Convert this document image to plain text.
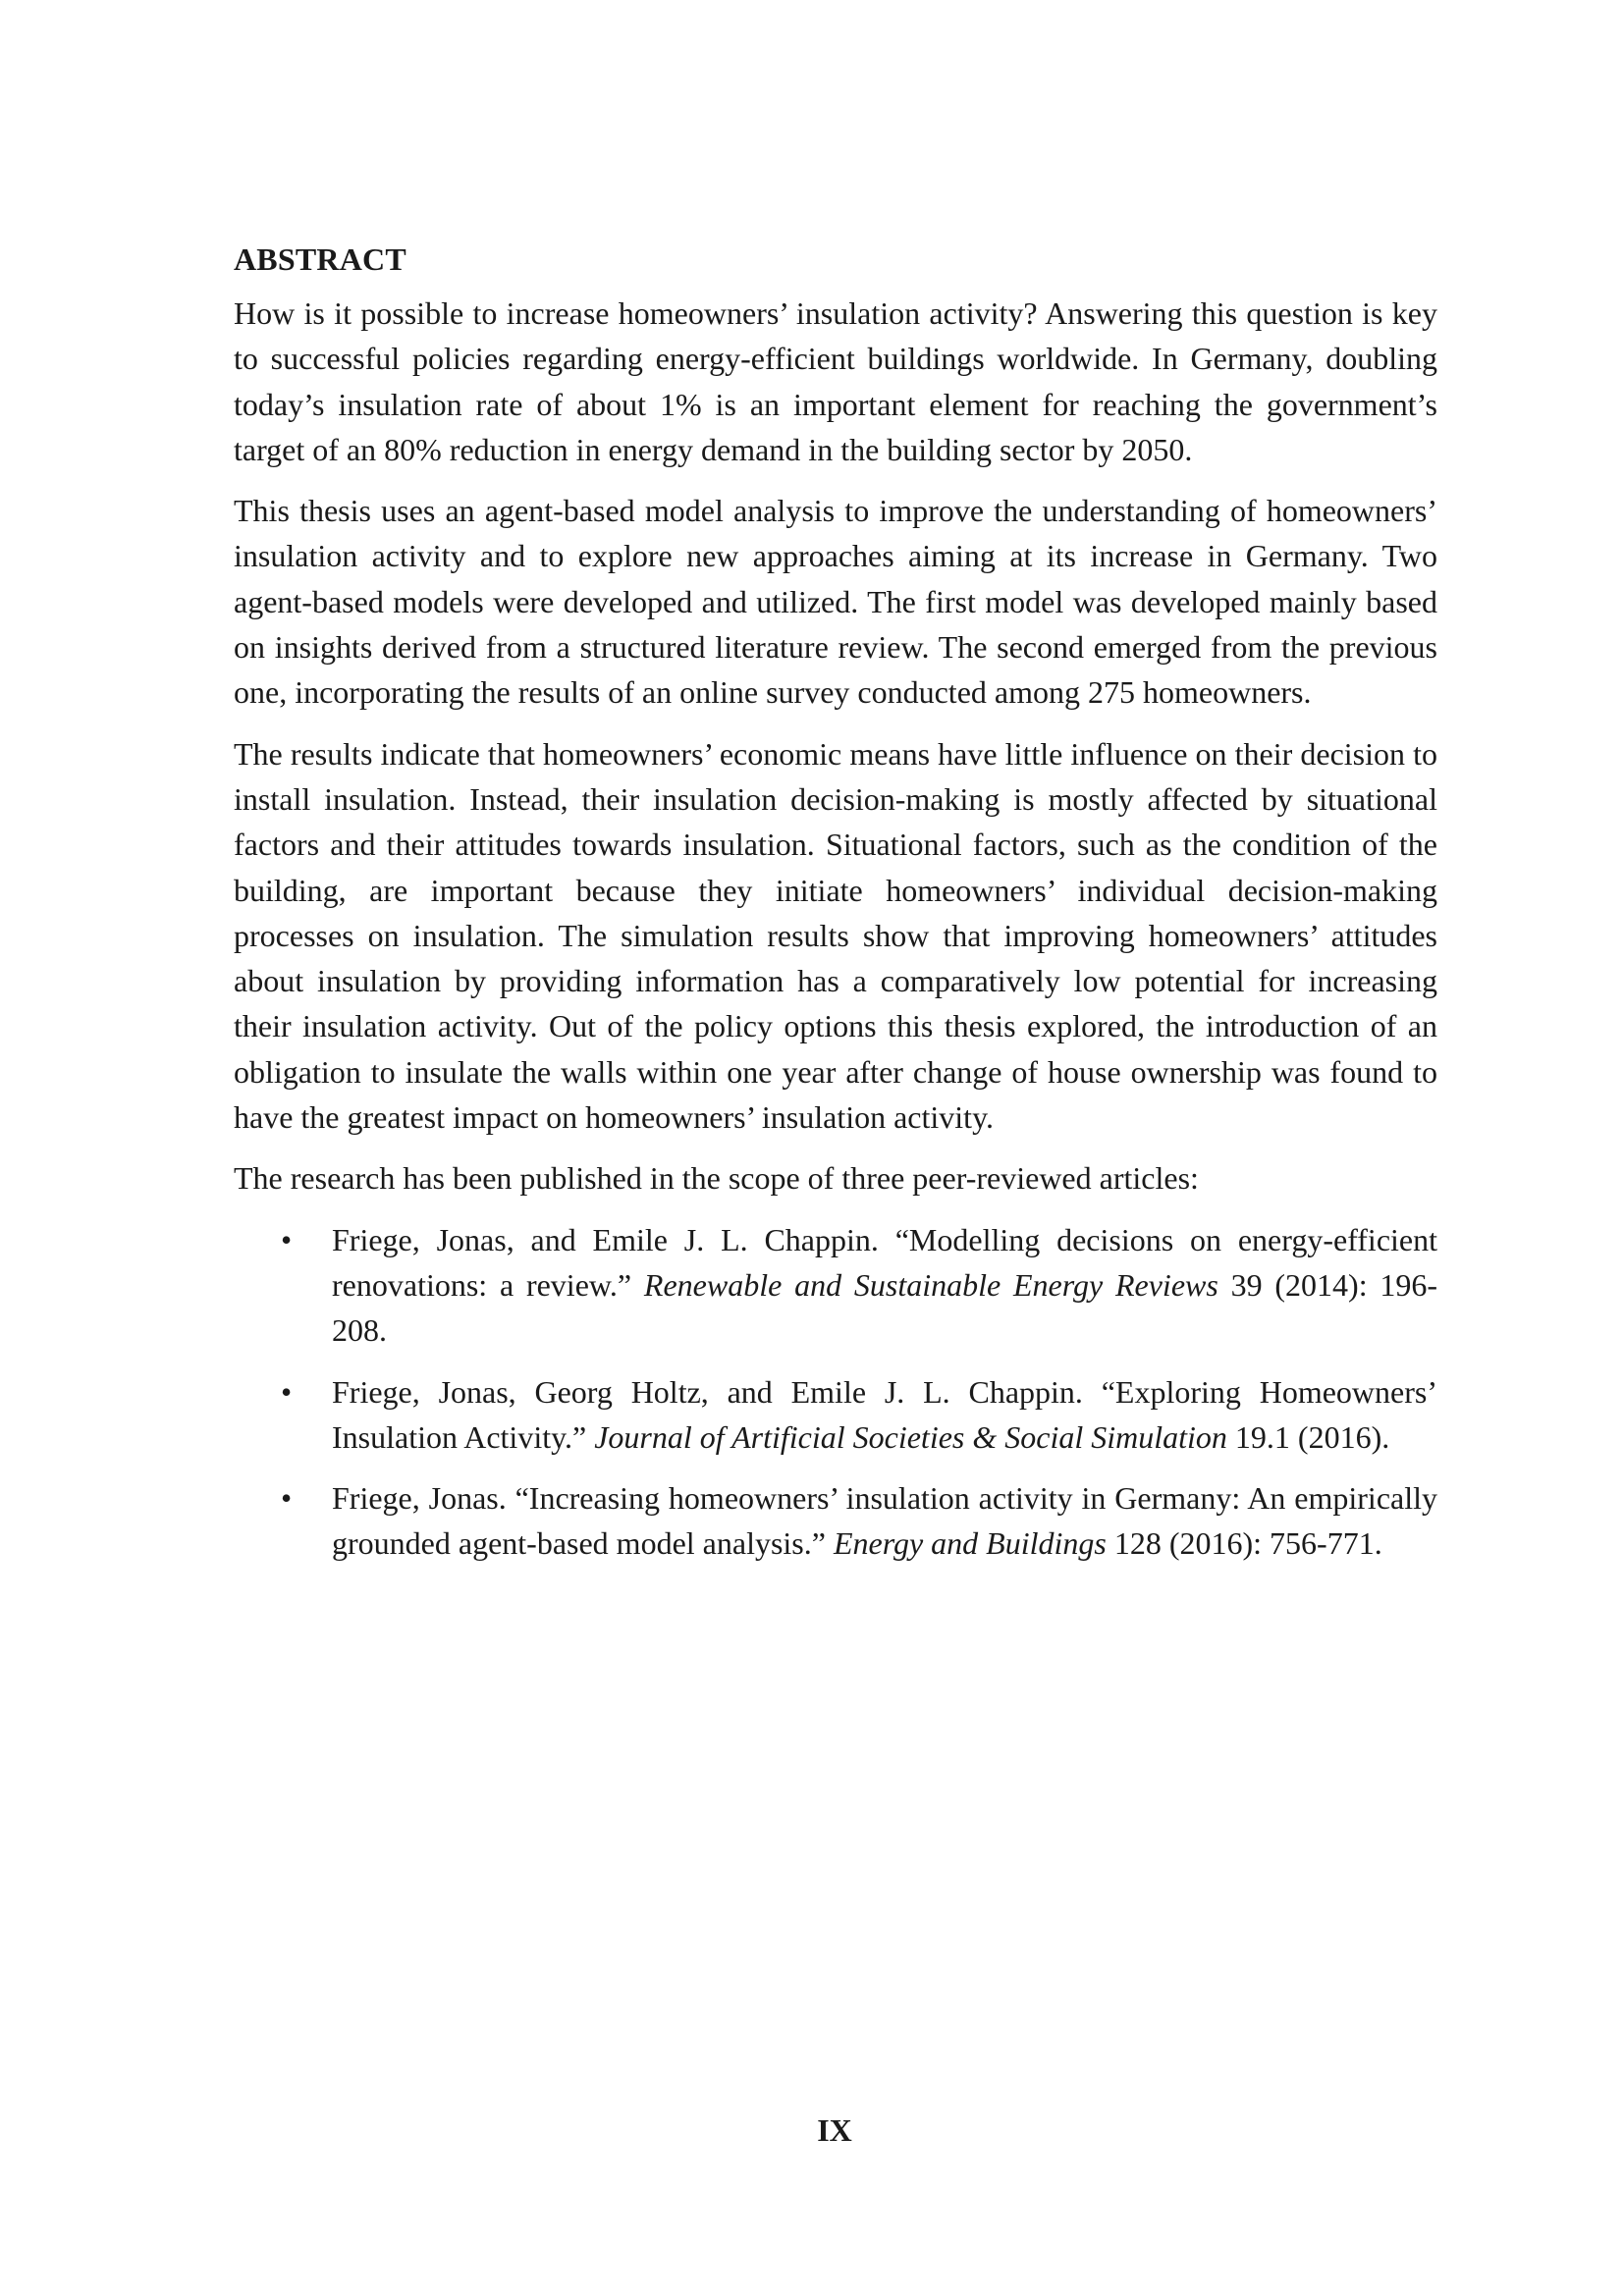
ABSTRACT

How is it possible to increase homeowners’ insulation activity? Answering this question is key to successful policies regarding energy-efficient buildings worldwide. In Germany, doubling today’s insulation rate of about 1% is an important element for reaching the government’s target of an 80% reduction in energy demand in the building sector by 2050.

This thesis uses an agent-based model analysis to improve the understanding of homeowners’ insulation activity and to explore new approaches aiming at its increase in Germany. Two agent-based models were developed and utilized. The first model was developed mainly based on insights derived from a structured literature review. The second emerged from the previous one, incorporating the results of an online survey conducted among 275 homeowners.

The results indicate that homeowners’ economic means have little influence on their decision to install insulation. Instead, their insulation decision-making is mostly affected by situational factors and their attitudes towards insulation. Situational factors, such as the condition of the building, are important because they initiate homeowners’ individual decision-making processes on insulation. The simulation results show that improving homeowners’ attitudes about insulation by providing information has a comparatively low potential for increasing their insulation activity. Out of the policy options this thesis explored, the introduction of an obligation to insulate the walls within one year after change of house ownership was found to have the greatest impact on homeowners’ insulation activity.

The research has been published in the scope of three peer-reviewed articles:

• Friege, Jonas, and Emile J. L. Chappin. “Modelling decisions on energy-efficient renovations: a review.” Renewable and Sustainable Energy Reviews 39 (2014): 196-208.
• Friege, Jonas, Georg Holtz, and Emile J. L. Chappin. “Exploring Homeowners’ Insulation Activity.” Journal of Artificial Societies & Social Simulation 19.1 (2016).
• Friege, Jonas. “Increasing homeowners’ insulation activity in Germany: An empirically grounded agent-based model analysis.” Energy and Buildings 128 (2016): 756-771.
IX
